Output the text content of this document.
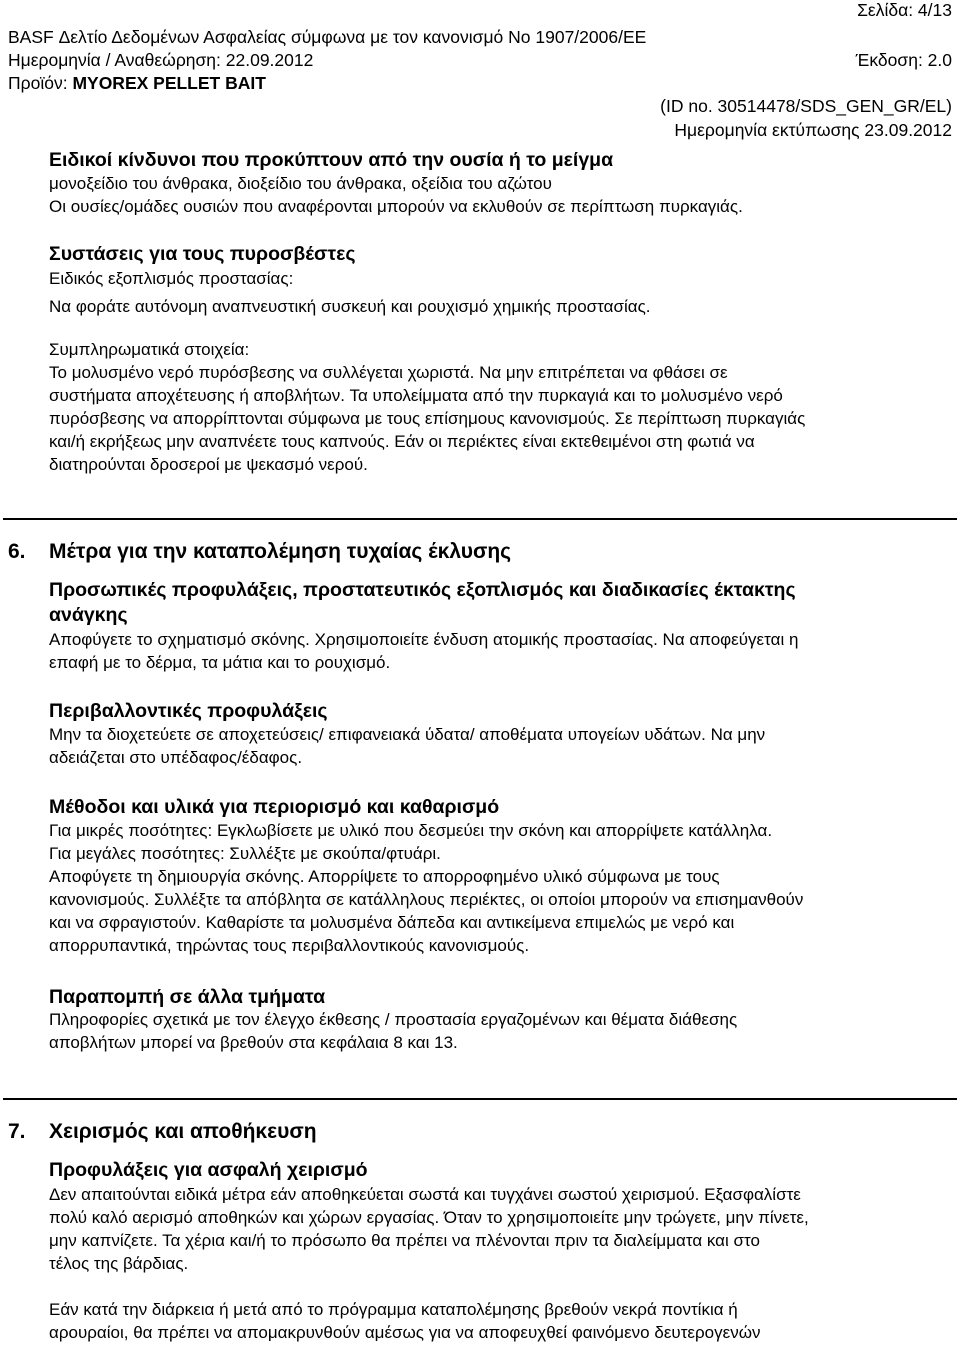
Σελίδα: 4/13
BASF Δελτίο Δεδομένων Ασφαλείας σύμφωνα με τον κανονισμό Νο 1907/2006/ΕΕ
Ημερομηνία / Αναθεώρηση: 22.09.2012	Έκδοση: 2.0
Προϊόν: MYOREX PELLET BAIT
(ID no. 30514478/SDS_GEN_GR/EL)
Ημερομηνία εκτύπωσης 23.09.2012
Ειδικοί κίνδυνοι που προκύπτουν από την ουσία ή το μείγμα
μονοξείδιο του άνθρακα, διοξείδιο του άνθρακα, οξείδια του αζώτου
Οι ουσίες/ομάδες ουσιών που αναφέρονται μπορούν να εκλυθούν σε περίπτωση πυρκαγιάς.
Συστάσεις για τους πυροσβέστες
Ειδικός εξοπλισμός προστασίας:
Να φοράτε αυτόνομη αναπνευστική συσκευή και ρουχισμό χημικής προστασίας.
Συμπληρωματικά στοιχεία:
Το μολυσμένο νερό πυρόσβεσης να συλλέγεται χωριστά. Να μην επιτρέπεται να φθάσει σε
συστήματα αποχέτευσης ή αποβλήτων. Τα υπολείμματα από την πυρκαγιά και το μολυσμένο νερό
πυρόσβεσης να απορρίπτονται σύμφωνα με τους επίσημους κανονισμούς. Σε περίπτωση πυρκαγιάς
και/ή εκρήξεως μην αναπνέετε τους καπνούς. Εάν οι περιέκτες είναι εκτεθειμένοι στη φωτιά να
διατηρούνται δροσεροί με ψεκασμό νερού.
6. Μέτρα για την καταπολέμηση τυχαίας έκλυσης
Προσωπικές προφυλάξεις, προστατευτικός εξοπλισμός και διαδικασίες έκτακτης
ανάγκης
Αποφύγετε το σχηματισμό σκόνης. Χρησιμοποιείτε ένδυση ατομικής προστασίας. Να αποφεύγεται η
επαφή με το δέρμα, τα μάτια και το ρουχισμό.
Περιβαλλοντικές προφυλάξεις
Μην τα διοχετεύετε σε αποχετεύσεις/ επιφανειακά ύδατα/ αποθέματα υπογείων υδάτων. Να μην
αδειάζεται στο υπέδαφος/έδαφος.
Μέθοδοι και υλικά για περιορισμό και καθαρισμό
Για μικρές ποσότητες: Εγκλωβίσετε με υλικό που δεσμεύει την σκόνη και απορρίψετε κατάλληλα.
Για μεγάλες ποσότητες: Συλλέξτε με σκούπα/φτυάρι.
Αποφύγετε τη δημιουργία σκόνης. Απορρίψετε το απορροφημένο υλικό σύμφωνα με τους
κανονισμούς. Συλλέξτε τα απόβλητα σε κατάλληλους περιέκτες, οι οποίοι μπορούν να επισημανθούν
και να σφραγιστούν. Καθαρίστε τα μολυσμένα δάπεδα και αντικείμενα επιμελώς με νερό και
απορρυπαντικά, τηρώντας τους περιβαλλοντικούς κανονισμούς.
Παραπομπή σε άλλα τμήματα
Πληροφορίες σχετικά με τον έλεγχο έκθεσης / προστασία εργαζομένων και θέματα διάθεσης
αποβλήτων μπορεί να βρεθούν στα κεφάλαια 8 και 13.
7. Χειρισμός και αποθήκευση
Προφυλάξεις για ασφαλή χειρισμό
Δεν απαιτούνται ειδικά μέτρα εάν αποθηκεύεται σωστά και τυγχάνει σωστού χειρισμού. Εξασφαλίστε
πολύ καλό αερισμό αποθηκών και χώρων εργασίας. Όταν το χρησιμοποιείτε μην τρώγετε, μην πίνετε,
μην καπνίζετε. Τα χέρια και/ή το πρόσωπο θα πρέπει να πλένονται πριν τα διαλείμματα και στο
τέλος της βάρδιας.
Εάν κατά την διάρκεια ή μετά από το πρόγραμμα καταπολέμησης βρεθούν νεκρά ποντίκια ή
αρουραίοι, θα πρέπει να απομακρυνθούν αμέσως για να αποφευχθεί φαινόμενο δευτερογενών
